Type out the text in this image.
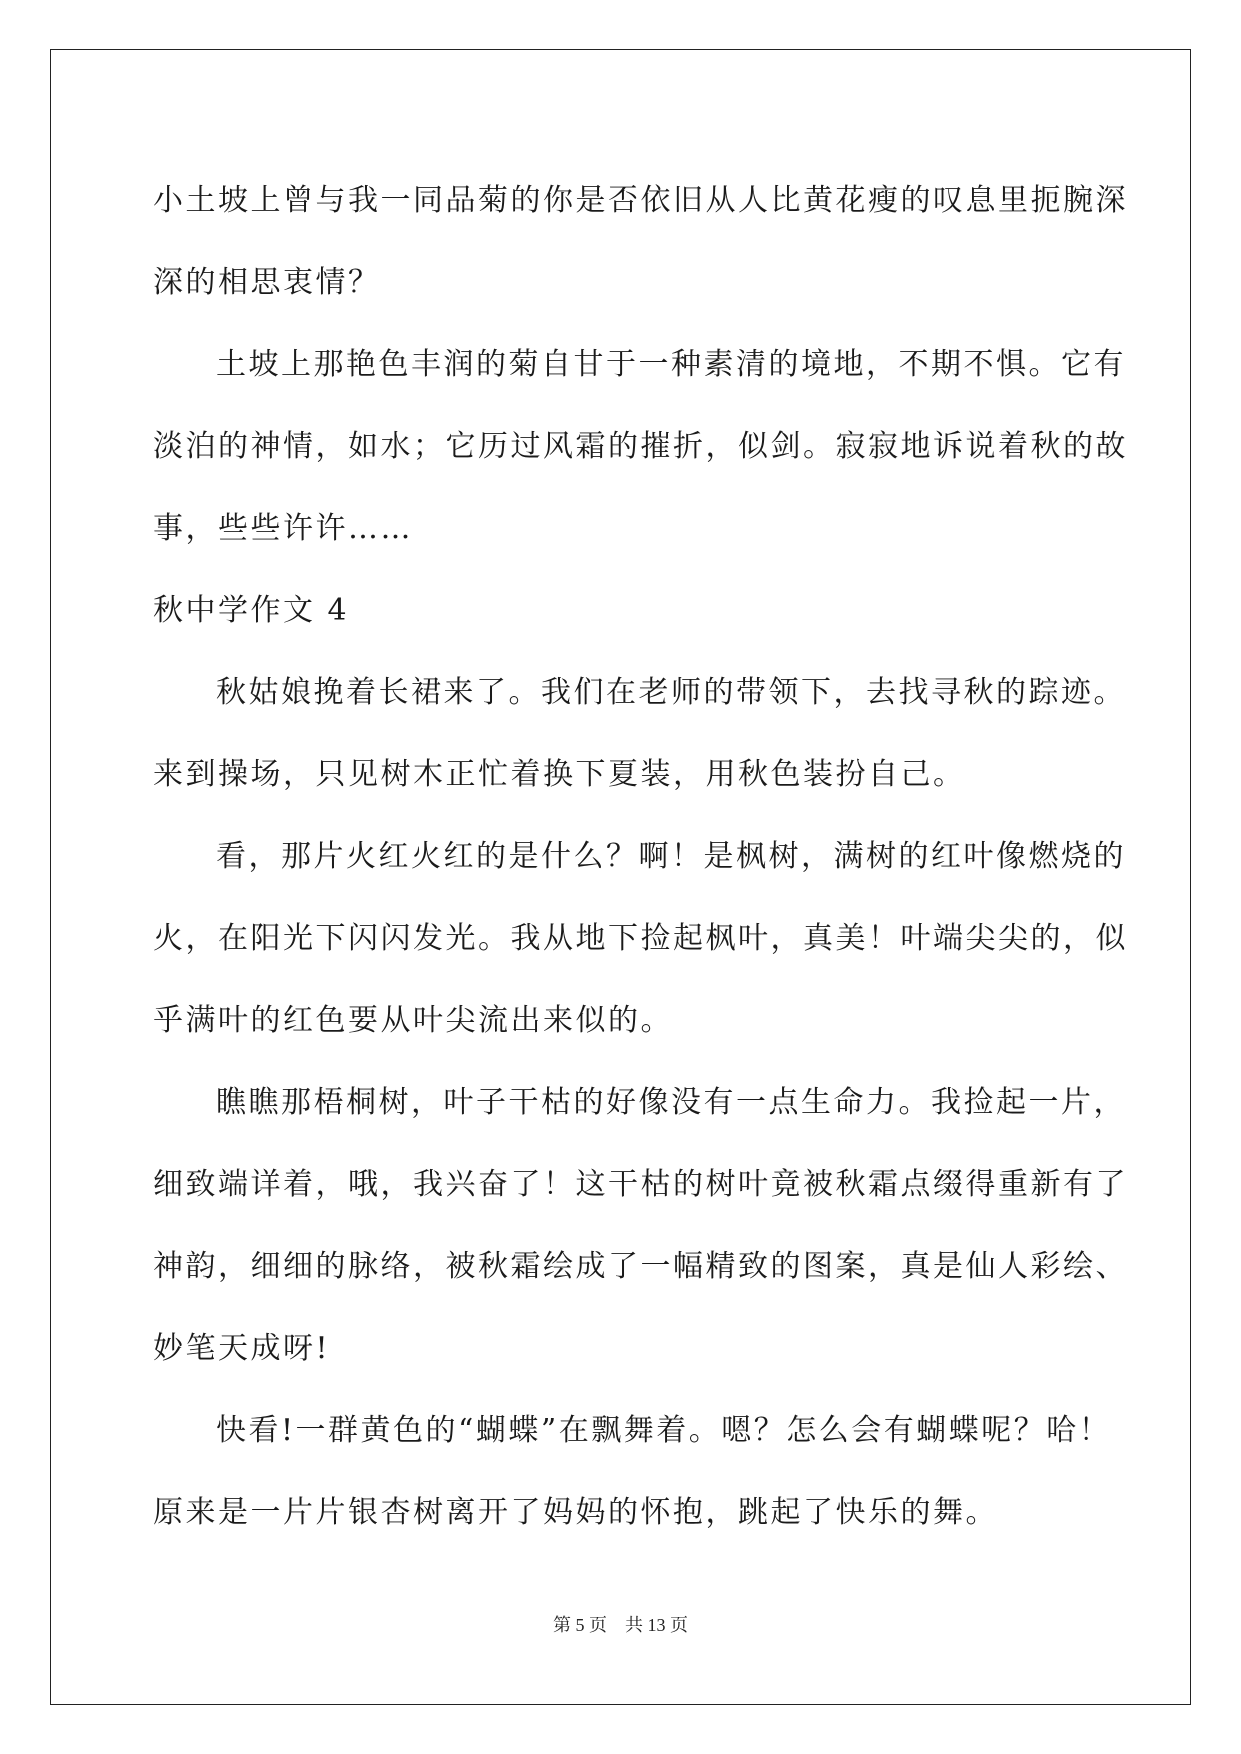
小土坡上曾与我一同品菊的你是否依旧从人比黄花瘦的叹息里扼腕深
深的相思衷情？
土坡上那艳色丰润的菊自甘于一种素清的境地，不期不惧。它有
淡泊的神情，如水；它历过风霜的摧折，似剑。寂寂地诉说着秋的故
事，些些许许……
秋中学作文 4
秋姑娘挽着长裙来了。我们在老师的带领下，去找寻秋的踪迹。
来到操场，只见树木正忙着换下夏装，用秋色装扮自己。
看，那片火红火红的是什么？啊！是枫树，满树的红叶像燃烧的
火，在阳光下闪闪发光。我从地下捡起枫叶，真美！叶端尖尖的，似
乎满叶的红色要从叶尖流出来似的。
瞧瞧那梧桐树，叶子干枯的好像没有一点生命力。我捡起一片，
细致端详着，哦，我兴奋了！这干枯的树叶竟被秋霜点缀得重新有了
神韵，细细的脉络，被秋霜绘成了一幅精致的图案，真是仙人彩绘、
妙笔天成呀!
快看!一群黄色的“蝴蝶”在飘舞着。嗯？怎么会有蝴蝶呢？哈！
原来是一片片银杏树离开了妈妈的怀抱，跳起了快乐的舞。
第 5 页    共 13 页
